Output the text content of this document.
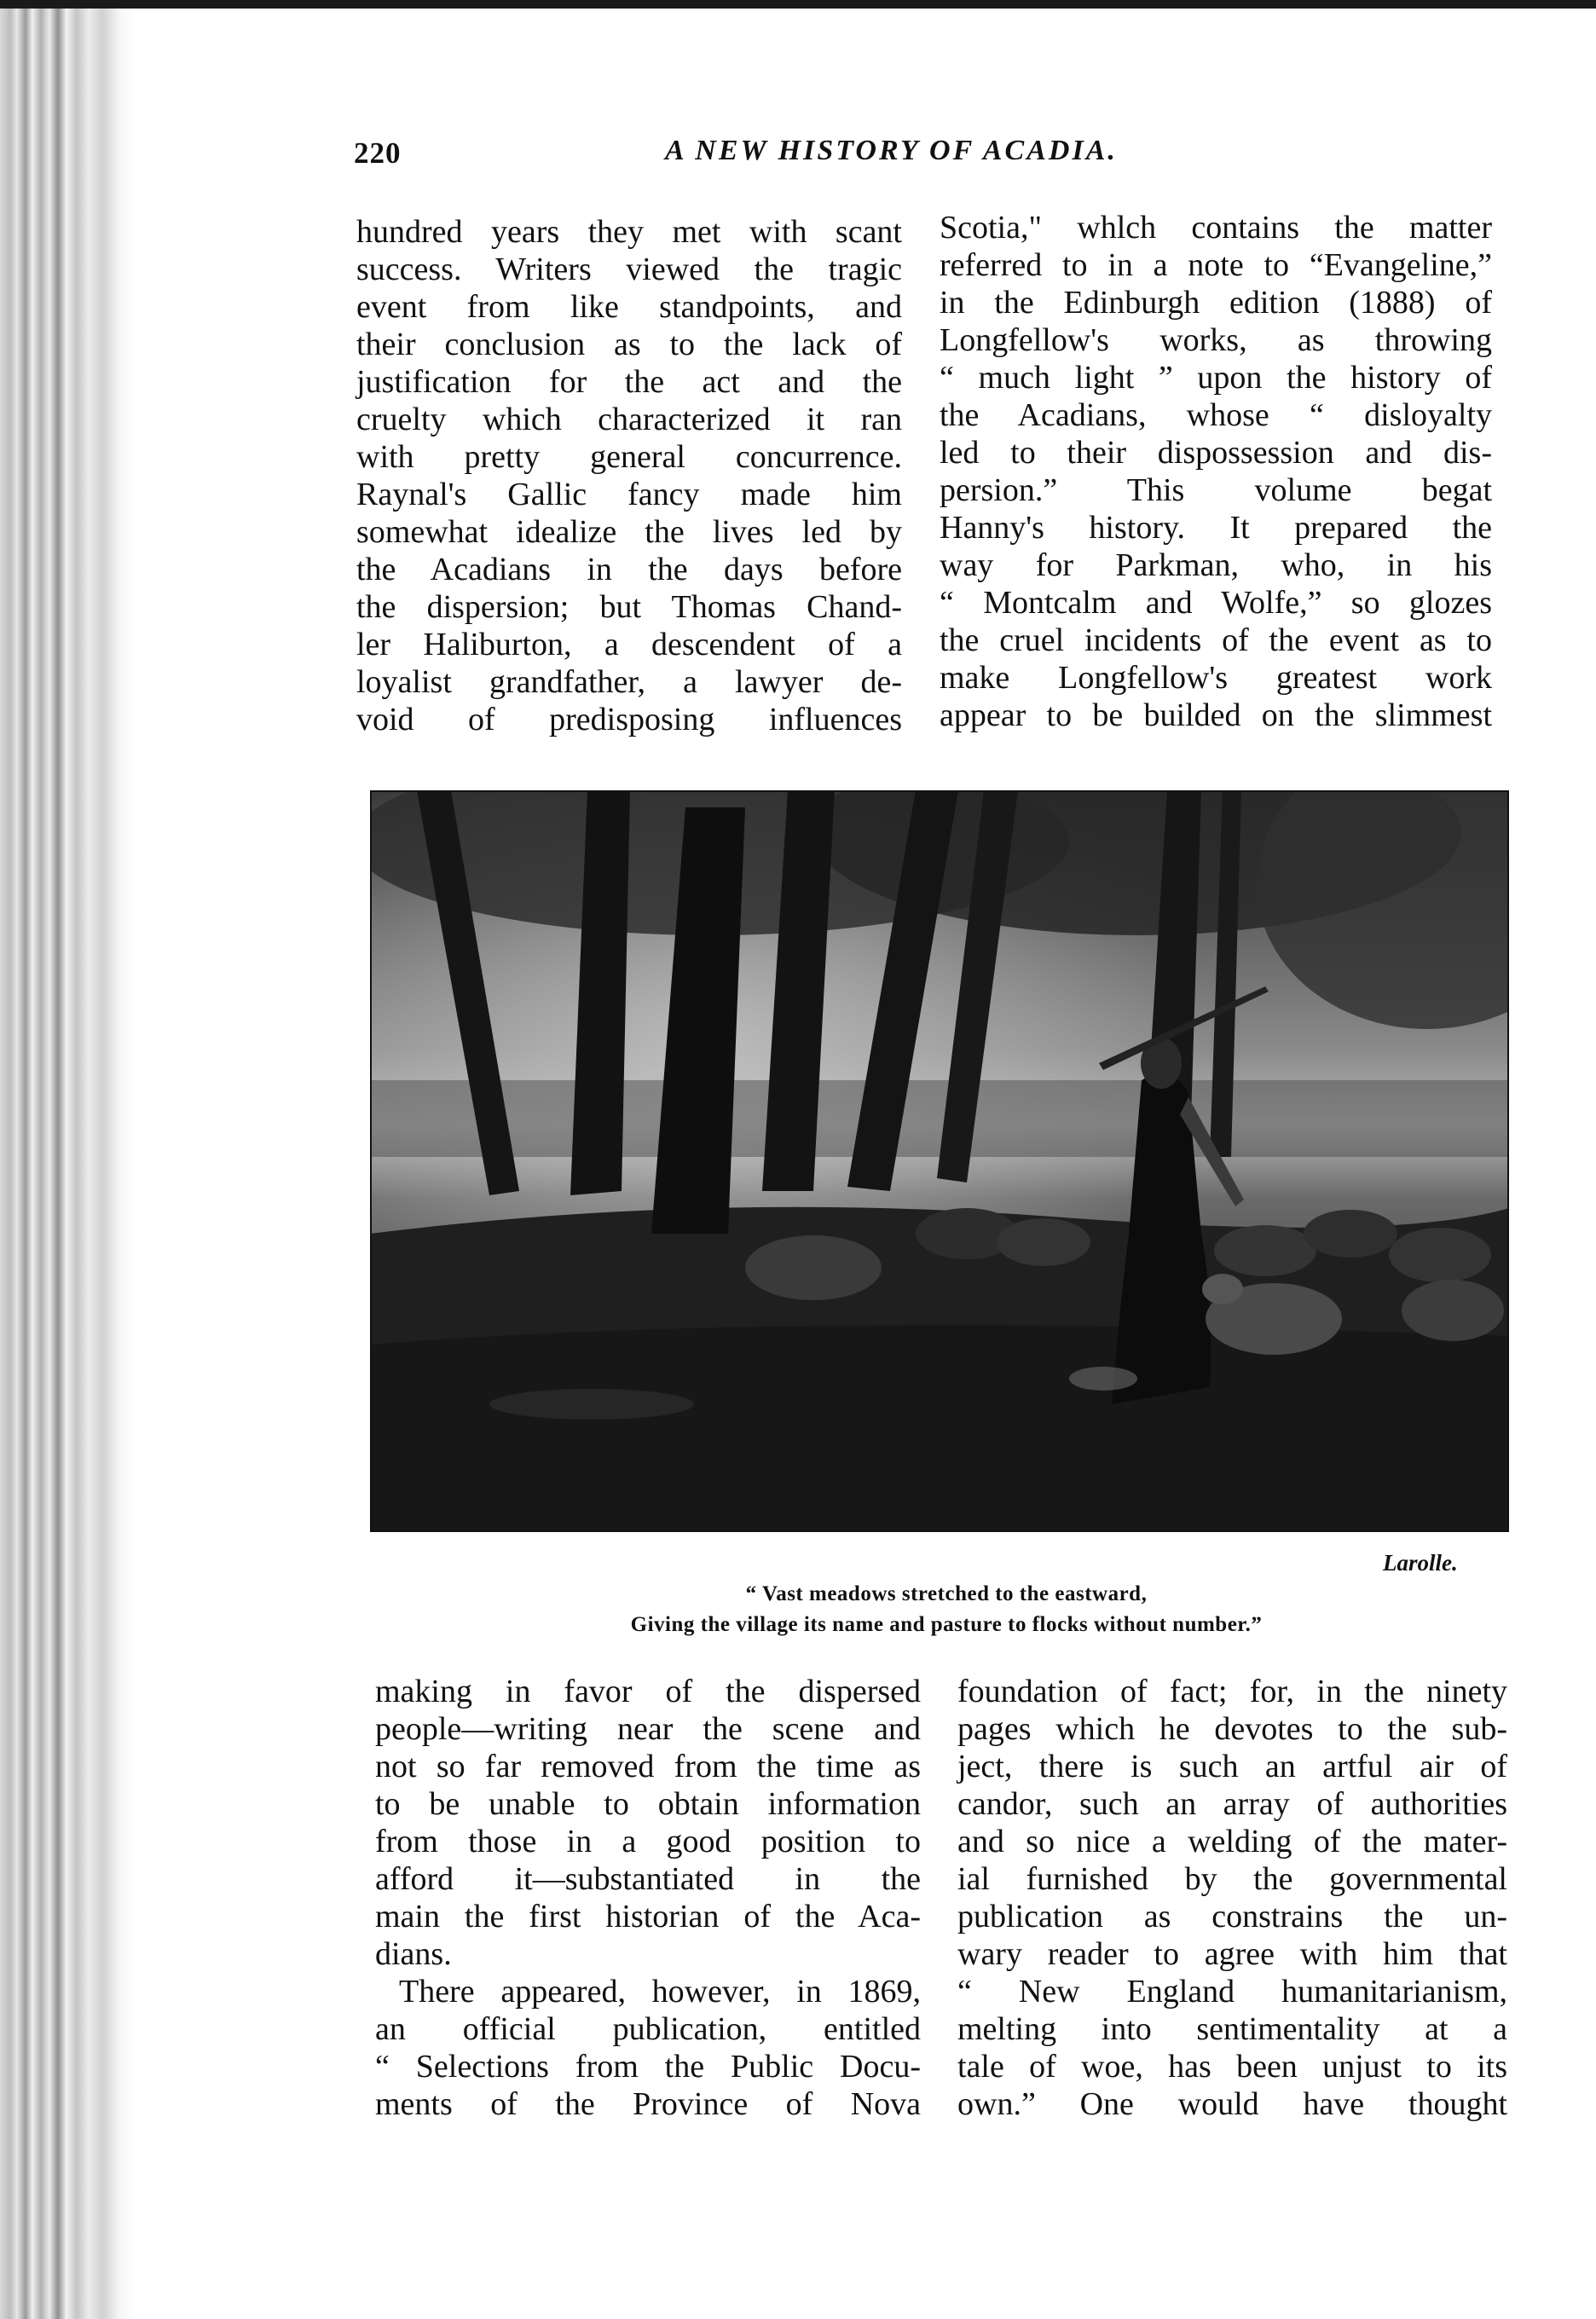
220	A NEW HISTORY OF ACADIA.

hundred years they met with scant
success. Writers viewed the tragic
event from like standpoints, and
their conclusion as to the lack of
justification for the act and the
cruelty which characterized it ran
with pretty general concurrence.
Raynal's Gallic fancy made him
somewhat idealize the lives led by
the Acadians in the days before
the dispersion; but Thomas Chand-
ler Haliburton, a descendent of a
loyalist grandfather, a lawyer de-
void of predisposing influences

Scotia," whlch contains the matter
referred to in a note to “Evangeline,”
in the Edinburgh edition (1888) of
Longfellow's works, as throwing
“ much light ” upon the history of
the Acadians, whose “ disloyalty
led to their dispossession and dis-
persion.” This volume begat
Hanny's history. It prepared the
way for Parkman, who, in his
“ Montcalm and Wolfe,” so glozes
the cruel incidents of the event as to
make Longfellow's greatest work
appear to be builded on the slimmest

Larolle.
“ Vast meadows stretched to the eastward,
Giving the village its name and pasture to flocks without number.”

making in favor of the dispersed
people—writing near the scene and
not so far removed from the time as
to be unable to obtain information
from those in a good position to
afford it—substantiated in the
main the first historian of the Aca-
dians.

There appeared, however, in 1869,
an official publication, entitled
“ Selections from the Public Docu-
ments of the Province of Nova

foundation of fact; for, in the ninety
pages which he devotes to the sub-
ject, there is such an artful air of
candor, such an array of authorities
and so nice a welding of the mater-
ial furnished by the governmental
publication as constrains the un-
wary reader to agree with him that
“ New England humanitarianism,
melting into sentimentality at a
tale of woe, has been unjust to its
own.” One would have thought
